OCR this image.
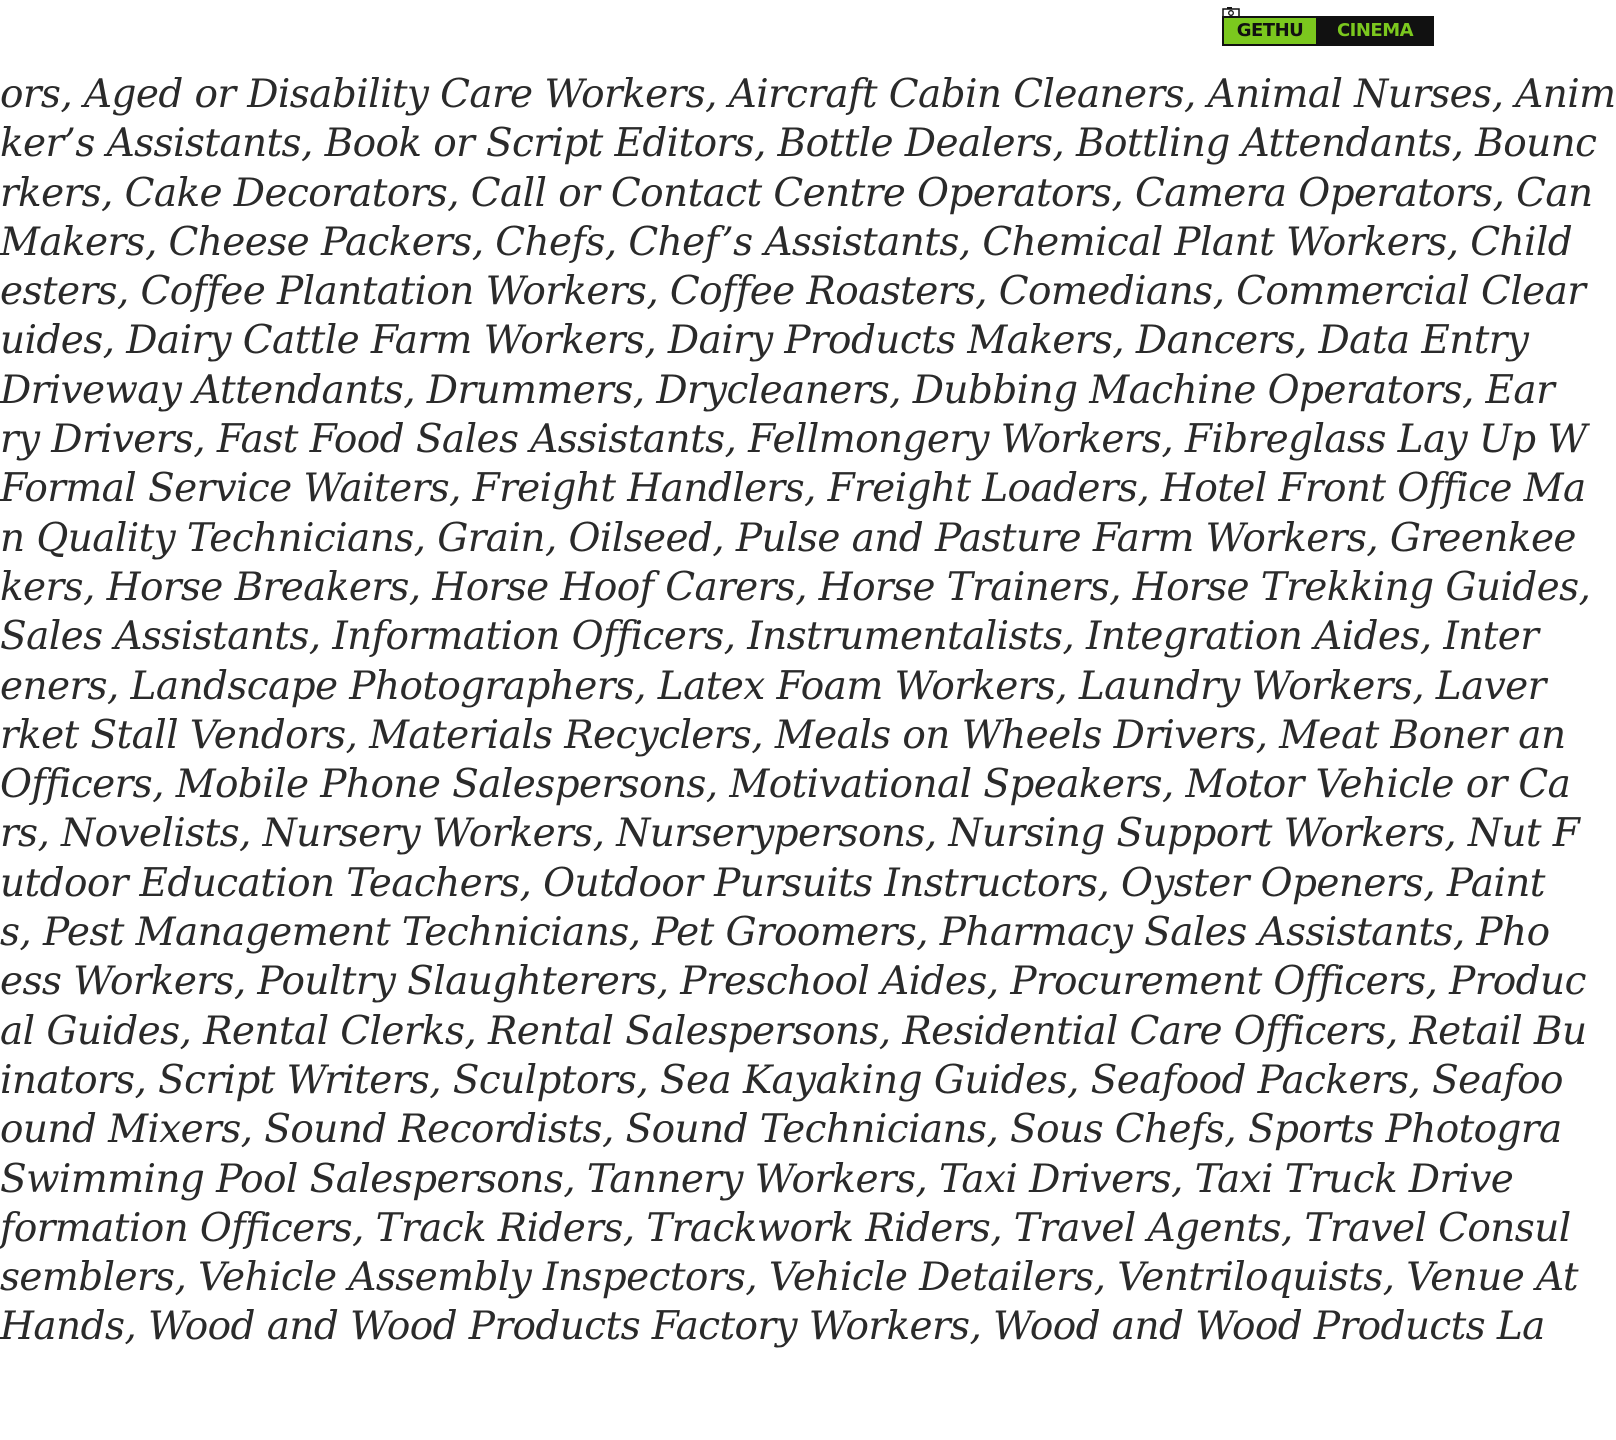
GETHU	CINEMA
ors, Aged or Disability Care Workers, Aircraft Cabin Cleaners, Animal Nurses, Anim
ker’s Assistants, Book or Script Editors, Bottle Dealers, Bottling Attendants, Bounc
rkers, Cake Decorators, Call or Contact Centre Operators, Camera Operators, Can
Makers, Cheese Packers, Chefs, Chef’s Assistants, Chemical Plant Workers, Child
esters, Coffee Plantation Workers, Coffee Roasters, Comedians, Commercial Clear
uides, Dairy Cattle Farm Workers, Dairy Products Makers, Dancers, Data Entry
Driveway Attendants, Drummers, Drycleaners, Dubbing Machine Operators, Ear
ry Drivers, Fast Food Sales Assistants, Fellmongery Workers, Fibreglass Lay Up W
Formal Service Waiters, Freight Handlers, Freight Loaders, Hotel Front Office Ma
n Quality Technicians, Grain, Oilseed, Pulse and Pasture Farm Workers, Greenkee
kers, Horse Breakers, Horse Hoof Carers, Horse Trainers, Horse Trekking Guides,
Sales Assistants, Information Officers, Instrumentalists, Integration Aides, Inter
eners, Landscape Photographers, Latex Foam Workers, Laundry Workers, Laver
rket Stall Vendors, Materials Recyclers, Meals on Wheels Drivers, Meat Boner an
Officers, Mobile Phone Salespersons, Motivational Speakers, Motor Vehicle or Ca
rs, Novelists, Nursery Workers, Nurserypersons, Nursing Support Workers, Nut F
utdoor Education Teachers, Outdoor Pursuits Instructors, Oyster Openers, Paint
s, Pest Management Technicians, Pet Groomers, Pharmacy Sales Assistants, Pho
ess Workers, Poultry Slaughterers, Preschool Aides, Procurement Officers, Produc
al Guides, Rental Clerks, Rental Salespersons, Residential Care Officers, Retail Bu
inators, Script Writers, Sculptors, Sea Kayaking Guides, Seafood Packers, Seafoo
ound Mixers, Sound Recordists, Sound Technicians, Sous Chefs, Sports Photogra
Swimming Pool Salespersons, Tannery Workers, Taxi Drivers, Taxi Truck Drive
formation Officers, Track Riders, Trackwork Riders, Travel Agents, Travel Consul
semblers, Vehicle Assembly Inspectors, Vehicle Detailers, Ventriloquists, Venue At
Hands, Wood and Wood Products Factory Workers, Wood and Wood Products La
